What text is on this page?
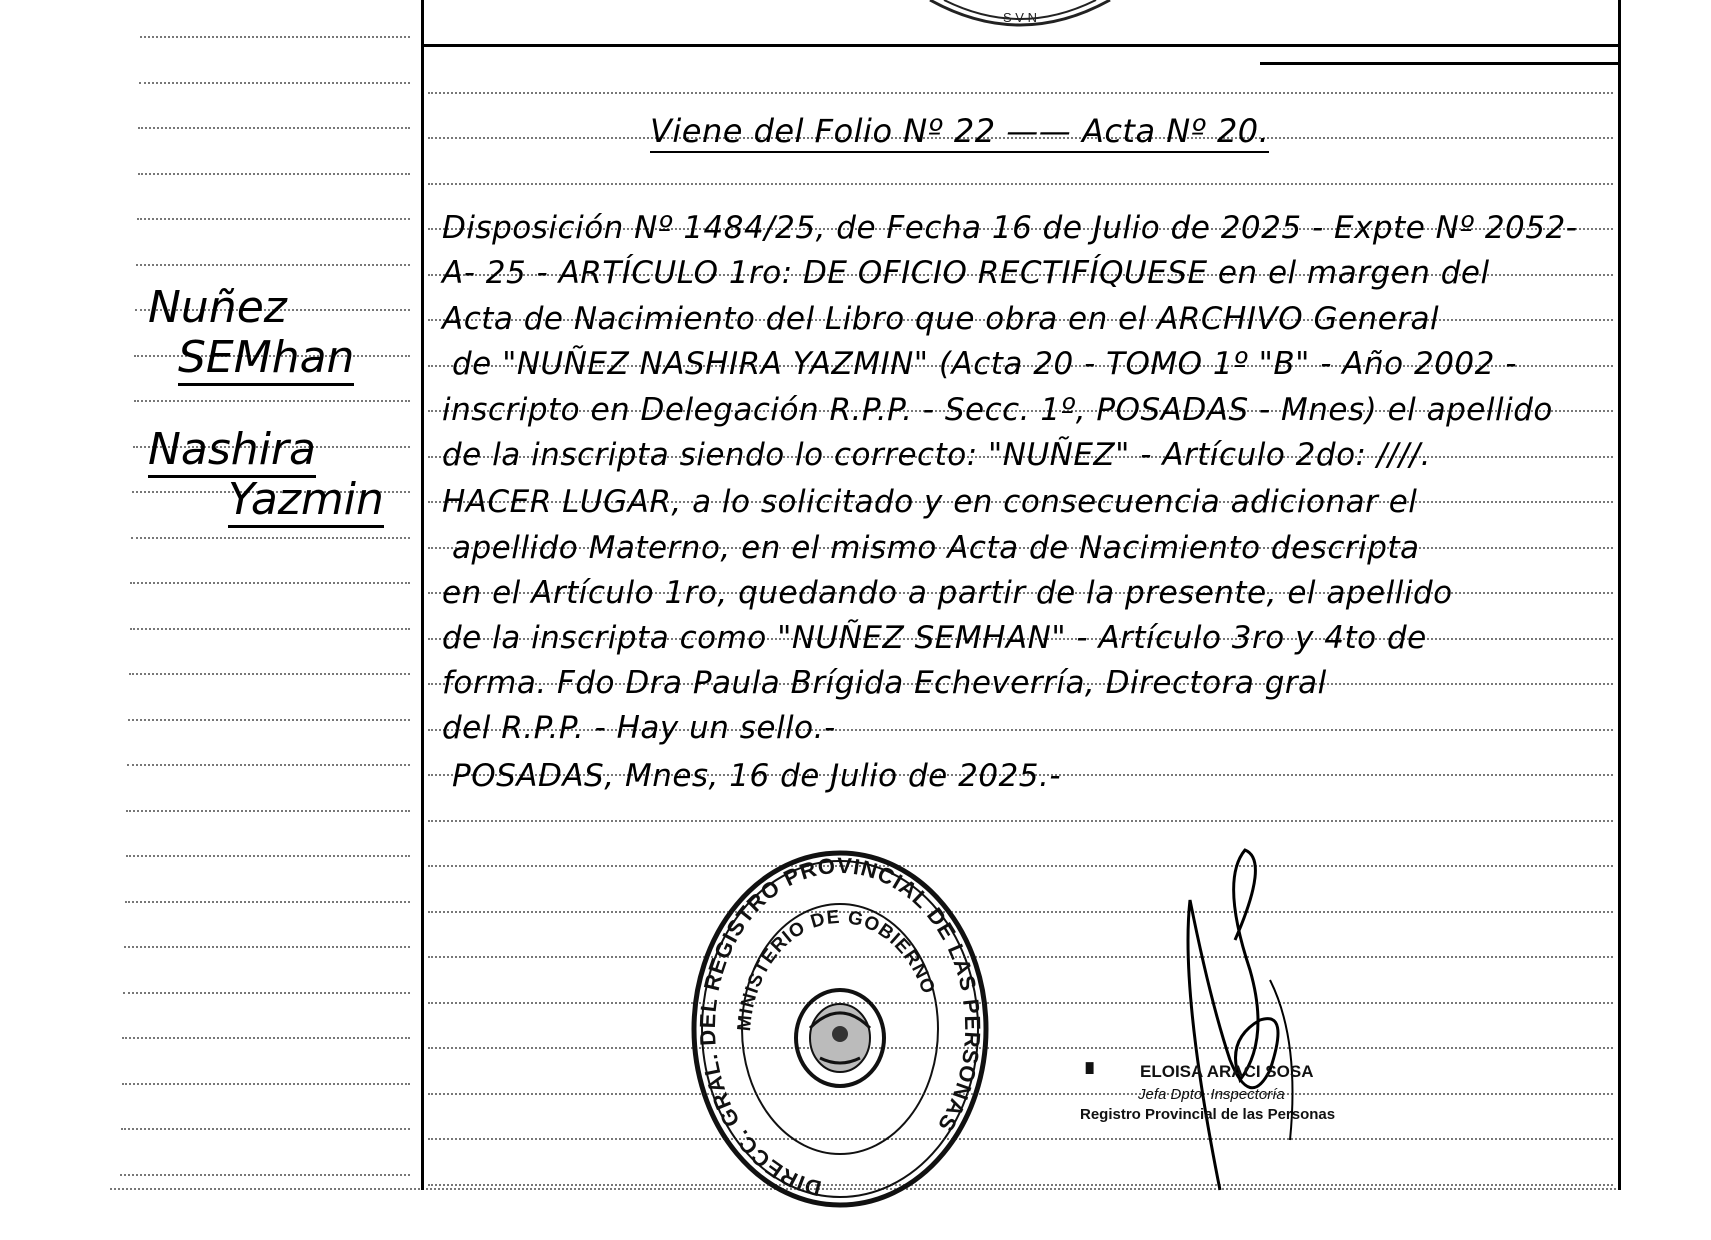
S V N
Viene del Folio Nº 22 —— Acta Nº 20.
Nuñez
SEMhan
Nashira
Yazmin
Disposición Nº 1484/25, de Fecha 16 de Julio de 2025 - Expte Nº 2052-
A- 25 - ARTÍCULO 1ro: DE OFICIO RECTIFÍQUESE en el margen del
Acta de Nacimiento del Libro que obra en el ARCHIVO General
de "NUÑEZ NASHIRA YAZMIN" (Acta 20 - TOMO 1º "B" - Año 2002 -
inscripto en Delegación R.P.P. - Secc. 1º, POSADAS - Mnes) el apellido
de la inscripta siendo lo correcto: "NUÑEZ" - Artículo 2do: ////.
HACER LUGAR, a lo solicitado y en consecuencia adicionar el
apellido Materno, en el mismo Acta de Nacimiento descripta
en el Artículo 1ro, quedando a partir de la presente, el apellido
de la inscripta como "NUÑEZ SEMHAN" - Artículo 3ro y 4to de
forma. Fdo Dra Paula Brígida Echeverría, Directora gral
del R.P.P. - Hay un sello.-
POSADAS, Mnes, 16 de Julio de 2025.-
DIRECC. GRAL. DEL REGISTRO PROVINCIAL DE LAS PERSONAS
MINISTERIO DE GOBIERNO
ELOISA ARACI SOSA
Jefa Dpto. Inspectoría
Registro Provincial de las Personas
▗
